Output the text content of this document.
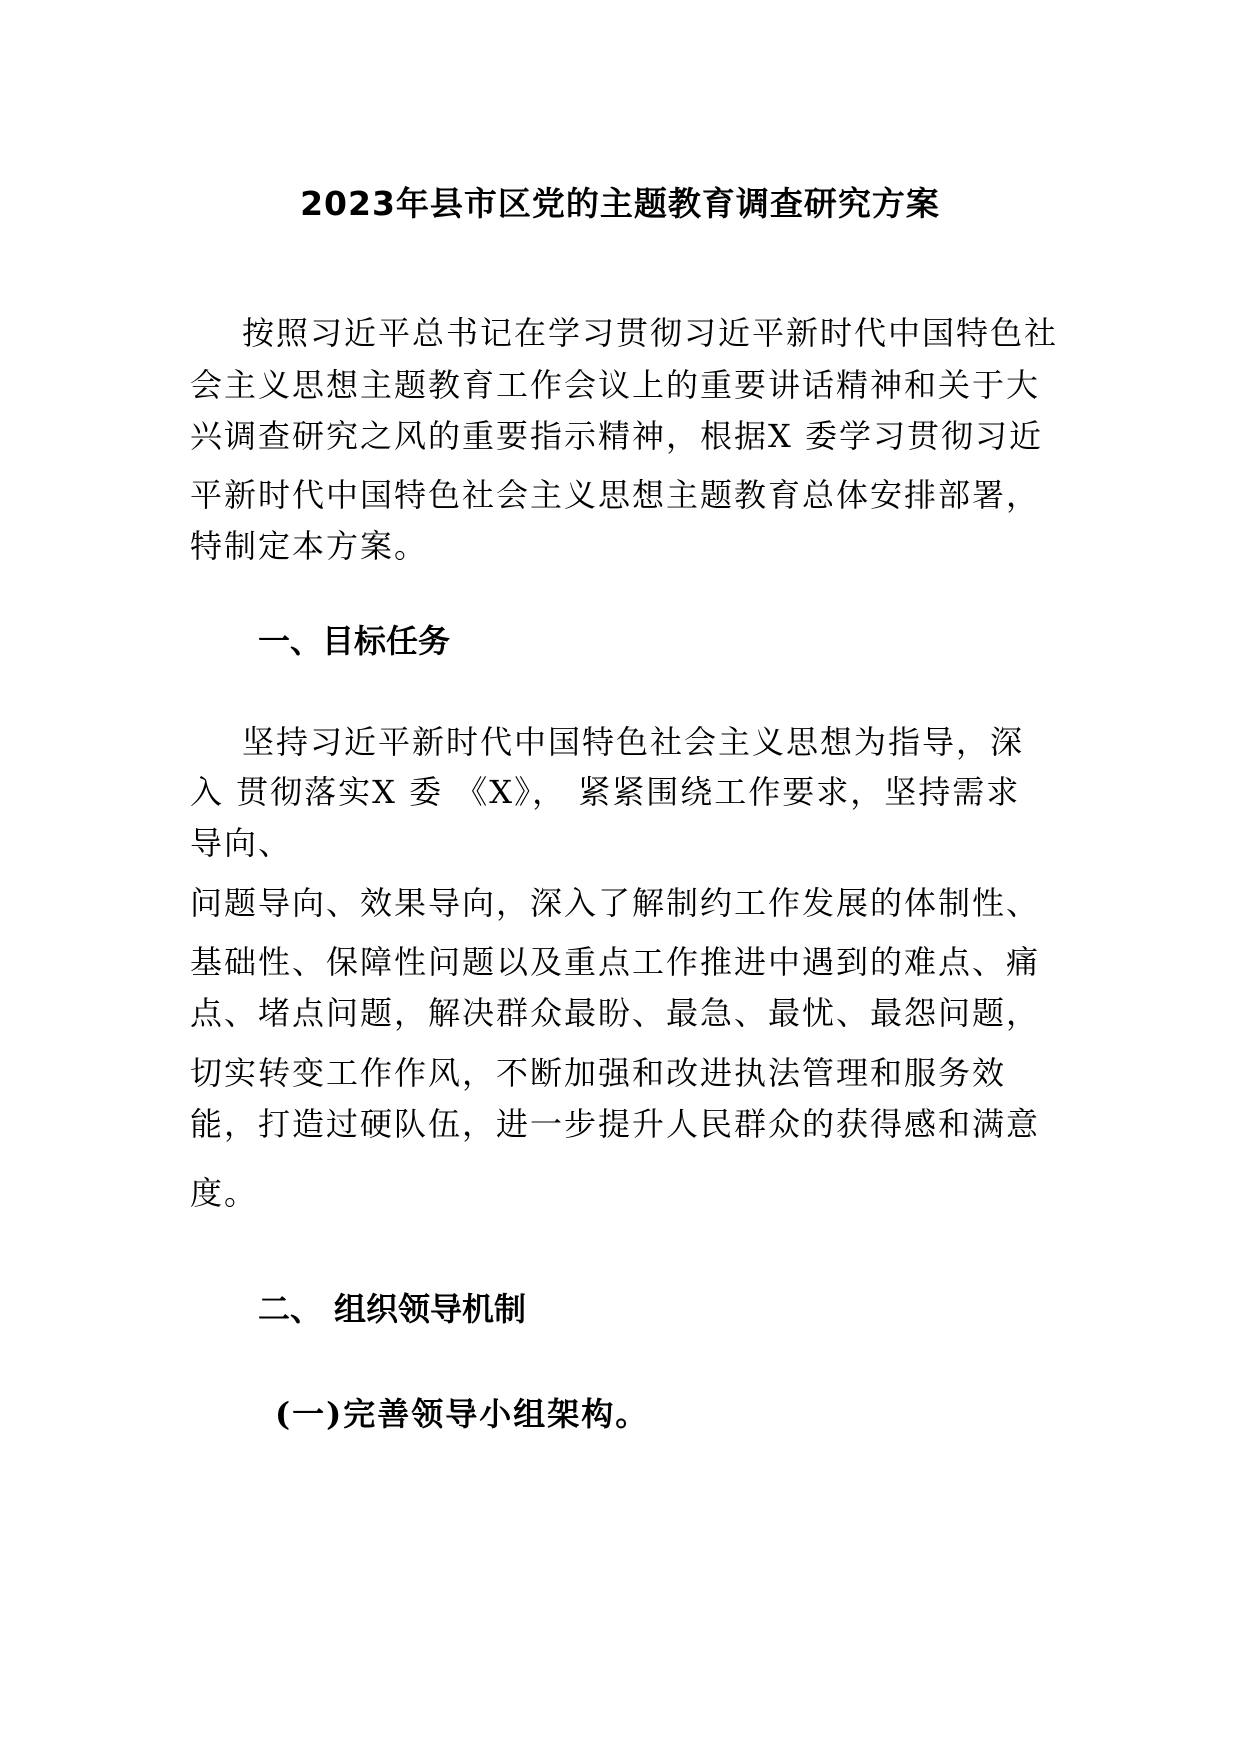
2023年县市区党的主题教育调查研究方案
按照习近平总书记在学习贯彻习近平新时代中国特色社
会主义思想主题教育工作会议上的重要讲话精神和关于大
兴调查研究之风的重要指示精神，根据X 委学习贯彻习近
平新时代中国特色社会主义思想主题教育总体安排部署，
特制定本方案。
一、目标任务
坚持习近平新时代中国特色社会主义思想为指导，深
入 贯彻落实X 委 《X》， 紧紧围绕工作要求，坚持需求
导向、
问题导向、效果导向，深入了解制约工作发展的体制性、
基础性、保障性问题以及重点工作推进中遇到的难点、痛
点、堵点问题，解决群众最盼、最急、最忧、最怨问题，
切实转变工作作风，不断加强和改进执法管理和服务效
能，打造过硬队伍，进一步提升人民群众的获得感和满意
度。
二、 组织领导机制
(一)完善领导小组架构。
